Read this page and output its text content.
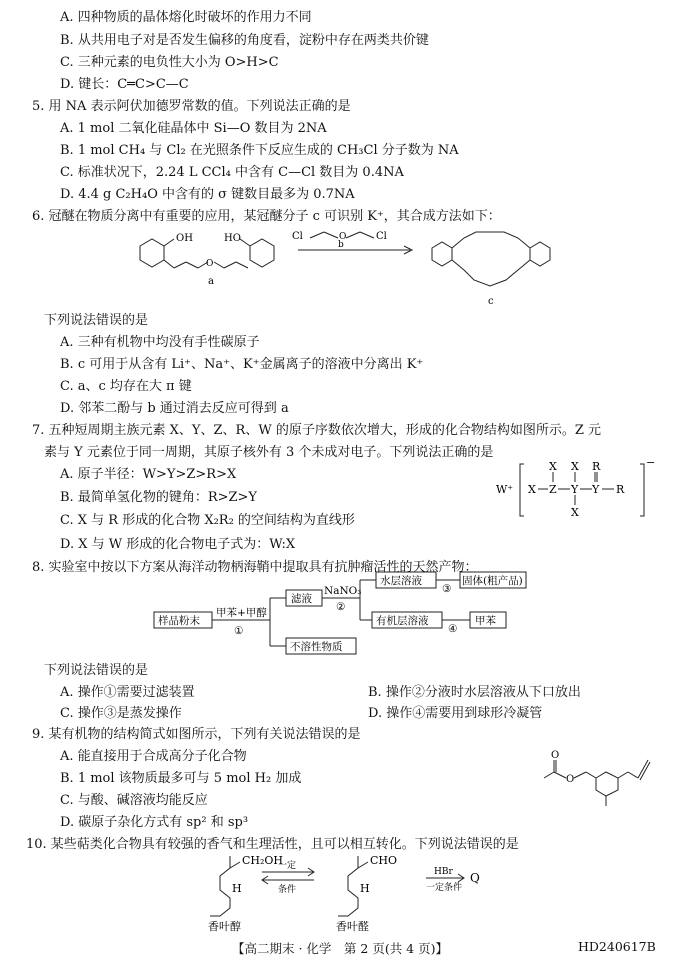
A. 四种物质的晶体熔化时破坏的作用力不同
B. 从共用电子对是否发生偏移的角度看，淀粉中存在两类共价键
C. 三种元素的电负性大小为 O>H>C
D. 键长：C═C>C—C
5. 用 NA 表示阿伏加德罗常数的值。下列说法正确的是
A. 1 mol 二氧化硅晶体中 Si—O 数目为 2NA
B. 1 mol CH₄ 与 Cl₂ 在光照条件下反应生成的 CH₃Cl 分子数为 NA
C. 标准状况下，2.24 L CCl₄ 中含有 C—Cl 数目为 0.4NA
D. 4.4 g C₂H₄O 中含有的 σ 键数目最多为 0.7NA
6. 冠醚在物质分离中有重要的应用，某冠醚分子 c 可识别 K⁺，其合成方法如下：
OH	HO
O
a
Cl	O	Cl
b
c
下列说法错误的是
A. 三种有机物中均没有手性碳原子
B. c 可用于从含有 Li⁺、Na⁺、K⁺金属离子的溶液中分离出 K⁺
C. a、c 均存在大 π 键
D. 邻苯二酚与 b 通过消去反应可得到 a
7. 五种短周期主族元素 X、Y、Z、R、W 的原子序数依次增大，形成的化合物结构如图所示。Z 元
素与 Y 元素位于同一周期，其原子核外有 3 个未成对电子。下列说法正确的是
A. 原子半径：W>Y>Z>R>X
B. 最简单氢化物的键角：R>Z>Y
C. X 与 R 形成的化合物 X₂R₂ 的空间结构为直线形
D. X 与 W 形成的化合物电子式为：W:X
W⁺ X Z Y Y R
X X R
X
−
8. 实验室中按以下方案从海洋动物柄海鞘中提取具有抗肿瘤活性的天然产物：
样品粉末
甲苯+甲醇
①
滤液
NaNO₃
②
水层溶液
③
固体(粗产品)
有机层溶液
④
甲苯
不溶性物质
下列说法错误的是
A. 操作①需要过滤装置	B. 操作②分液时水层溶液从下口放出
C. 操作③是蒸发操作	D. 操作④需要用到球形冷凝管
9. 某有机物的结构简式如图所示，下列有关说法错误的是
A. 能直接用于合成高分子化合物
B. 1 mol 该物质最多可与 5 mol H₂ 加成
C. 与酸、碱溶液均能反应
D. 碳原子杂化方式有 sp² 和 sp³
O
O
10. 某些萜类化合物具有较强的香气和生理活性，且可以相互转化。下列说法错误的是
CH₂OH
H
一定
条件
CHO
H
HBr
一定条件
Q
香叶醇	香叶醛
【高二期末 · 化学　第 2 页(共 4 页)】	HD240617B
